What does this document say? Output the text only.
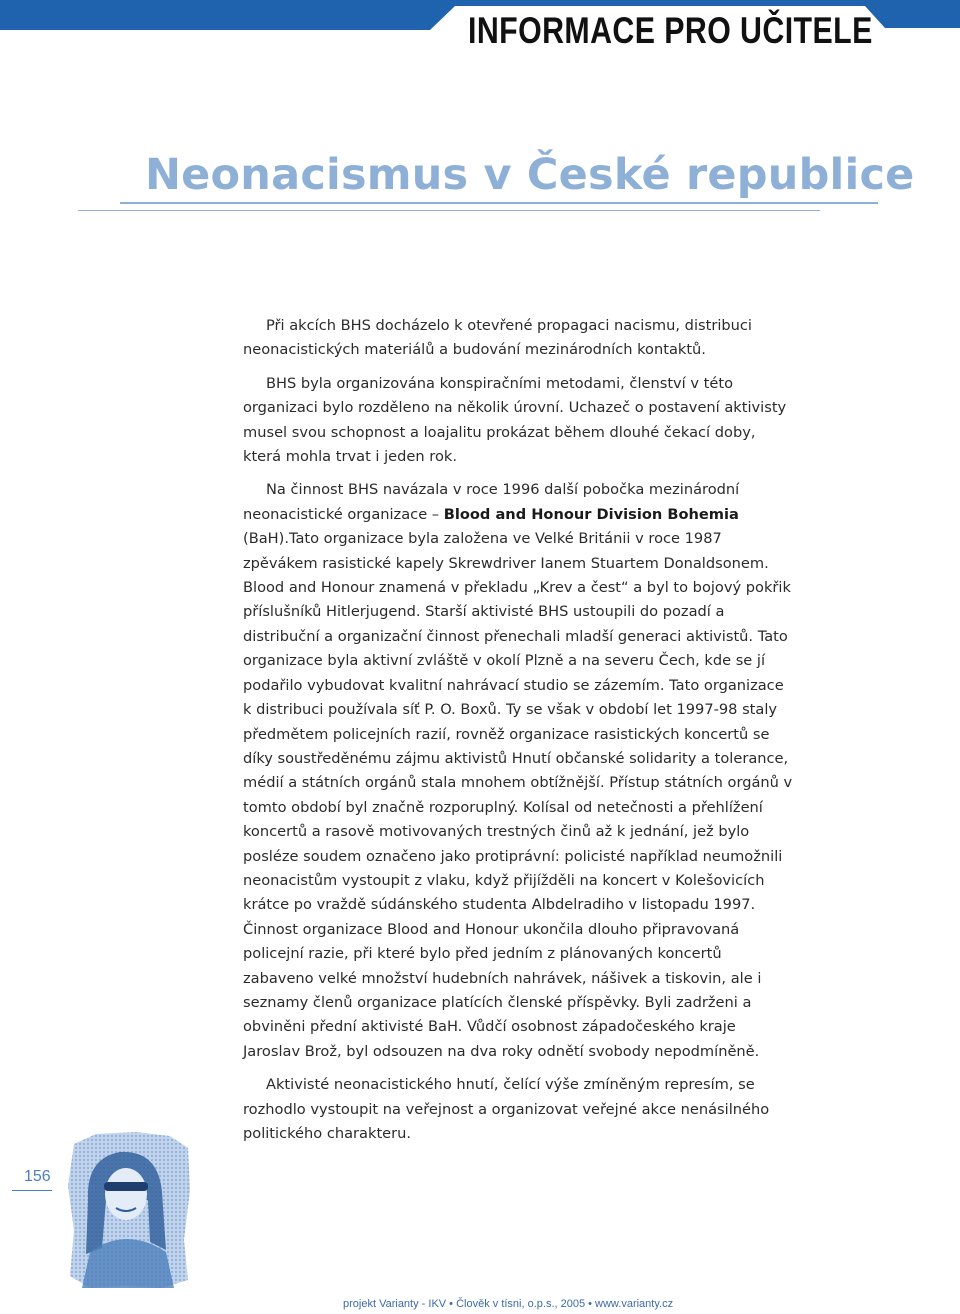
INFORMACE PRO UČITELE
Neonacismus v České republice

Při akcích BHS docházelo k otevřené propagaci nacismu, distribuci neonacistických materiálů a budování mezinárodních kontaktů.

BHS byla organizována konspiračními metodami, členství v této organizaci bylo rozděleno na několik úrovní. Uchazeč o postavení aktivisty musel svou schopnost a loajalitu prokázat během dlouhé čekací doby, která mohla trvat i jeden rok.

Na činnost BHS navázala v roce 1996 další pobočka mezinárodní neonacistické organizace – Blood and Honour Division Bohemia (BaH).Tato organizace byla založena ve Velké Británii v roce 1987 zpěvákem rasistické kapely Skrewdriver Ianem Stuartem Donaldsonem. Blood and Honour znamená v překladu „Krev a čest“ a byl to bojový pokřik příslušníků Hitlerjugend. Starší aktivisté BHS ustoupili do pozadí a distribuční a organizační činnost přenechali mladší generaci aktivistů. Tato organizace byla aktivní zvláště v okolí Plzně a na severu Čech, kde se jí podařilo vybudovat kvalitní nahrávací studio se zázemím. Tato organizace k distribuci používala síť P. O. Boxů. Ty se však v období let 1997-98 staly předmětem policejních razií, rovněž organizace rasistických koncertů se díky soustředěnému zájmu aktivistů Hnutí občanské solidarity a tolerance, médií a státních orgánů stala mnohem obtížnější. Přístup státních orgánů v tomto období byl značně rozporuplný. Kolísal od netečnosti a přehlížení koncertů a rasově motivovaných trestných činů až k jednání, jež bylo posléze soudem označeno jako protiprávní: policisté například neumožnili neonacistům vystoupit z vlaku, když přijížděli na koncert v Kolešovicích krátce po vraždě súdánského studenta Albdelradiho v listopadu 1997. Činnost organizace Blood and Honour ukončila dlouho připravovaná policejní razie, při které bylo před jedním z plánovaných koncertů zabaveno velké množství hudebních nahrávek, nášivek a tiskovin, ale i seznamy členů organizace platících členské příspěvky. Byli zadrženi a obviněni přední aktivisté BaH. Vůdčí osobnost západočeského kraje Jaroslav Brož, byl odsouzen na dva roky odnětí svobody nepodmíněně.

Aktivisté neonacistického hnutí, čelící výše zmíněným represím, se rozhodlo vystoupit na veřejnost a organizovat veřejné akce nenásilného politického charakteru.

156
projekt Varianty - IKV • Člověk v tísni, o.p.s., 2005 • www.varianty.cz
